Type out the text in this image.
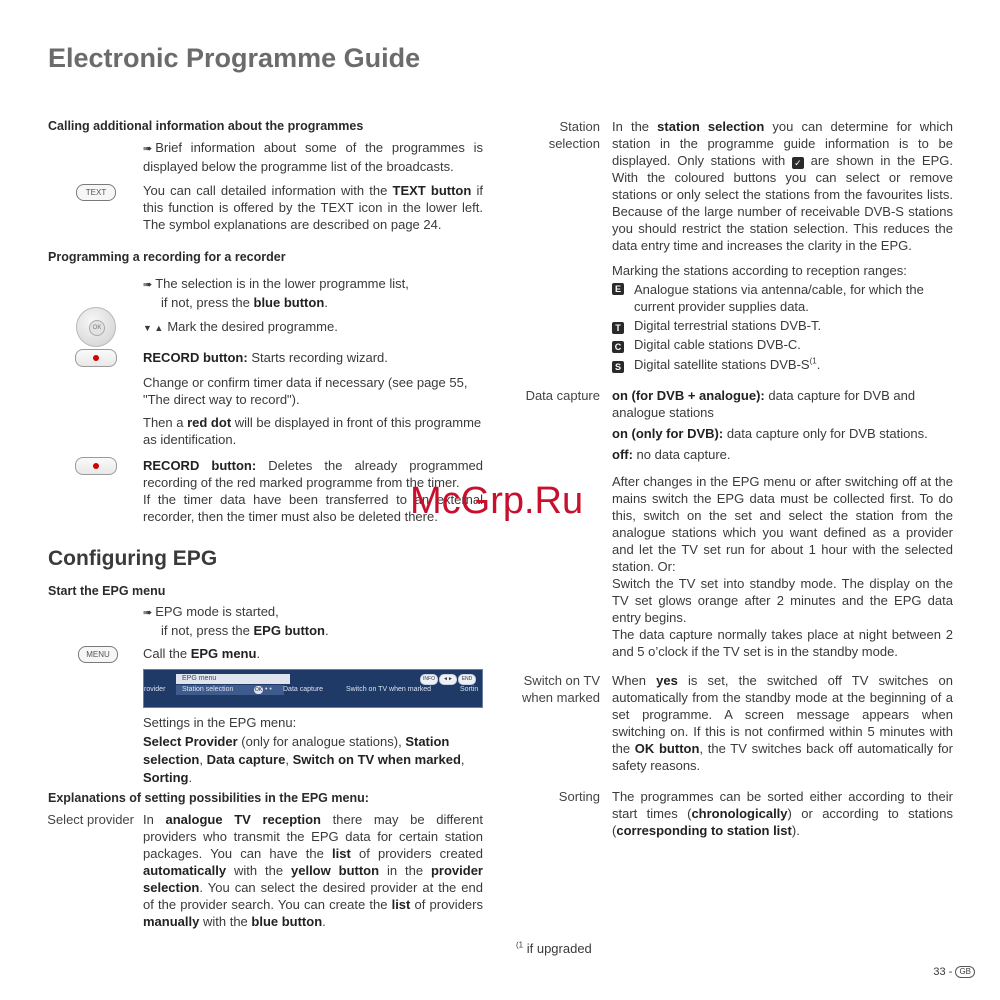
Electronic Programme Guide
Calling additional information about the programmes
➠ Brief information about some of the programmes is displayed below the programme list of the broadcasts.
TEXT	You can call detailed information with the TEXT button if this function is offered by the TEXT icon in the lower left. The symbol explanations are described on page 24.
Programming a recording for a recorder
➠ The selection is in the lower programme list,
if not, press the blue button.
OK	▼ ▲ Mark the desired programme.
RECORD button: Starts recording wizard.
Change or confirm timer data if necessary (see page 55, "The direct way to record").
Then a red dot will be displayed in front of this programme as identification.
RECORD button: Deletes the already programmed recording of the red marked programme from the timer.
If the timer data have been transferred to an external recorder, then the timer must also be deleted there.
Configuring EPG
Start the EPG menu
➠ EPG mode is started,
if not, press the EPG button.
MENU	Call the EPG menu.
EPG menu	INFO	◄►	END
rovider	Station selection	OK • • Data capture	Switch on TV when marked	Sortin
Settings in the EPG menu:
Select Provider (only for analogue stations), Station selection, Data capture, Switch on TV when marked, Sorting.
Explanations of setting possibilities in the EPG menu:
Select provider In analogue TV reception there may be different providers who transmit the EPG data for certain station packages. You can have the list of providers created automatically with the yellow button in the provider selection. You can select the desired provider at the end of the provider search. You can create the list of providers manually with the blue button.
Station selection
In the station selection you can determine for which station in the programme guide information is to be displayed. Only stations with ✓ are shown in the EPG. With the coloured buttons you can select or remove stations or only select the stations from the favourites lists. Because of the large number of receivable DVB-S stations you should restrict the station selection. This reduces the data entry time and increases the clarity in the EPG.
Marking the stations according to reception ranges:
E Analogue stations via antenna/cable, for which the current provider supplies data.
T Digital terrestrial stations DVB-T.
C Digital cable stations DVB-C.
S Digital satellite stations DVB-$S^{(1}$.
Data capture on (for DVB + analogue): data capture for DVB and analogue stations
on (only for DVB): data capture only for DVB stations.
off: no data capture.
After changes in the EPG menu or after switching off at the mains switch the EPG data must be collected first. To do this, switch on the set and select the station from the analogue stations which you want defined as a provider and let the TV set run for about 1 hour with the selected station. Or:
Switch the TV set into standby mode. The display on the TV set glows orange after 2 minutes and the EPG data entry begins.
The data capture normally takes place at night between 2 and 5 o’clock if the TV set is in the standby mode.
Switch on TV when marked
When yes is set, the switched off TV switches on automatically from the standby mode at the beginning of a set programme. A screen message appears when switching on. If this is not confirmed within 5 minutes with the OK button, the TV switches back off automatically for safety reasons.
Sorting The programmes can be sorted either according to their start times (chronologically) or according to stations (corresponding to station list).
$^{(1}$ if upgraded
33 - GB
McGrp.Ru
